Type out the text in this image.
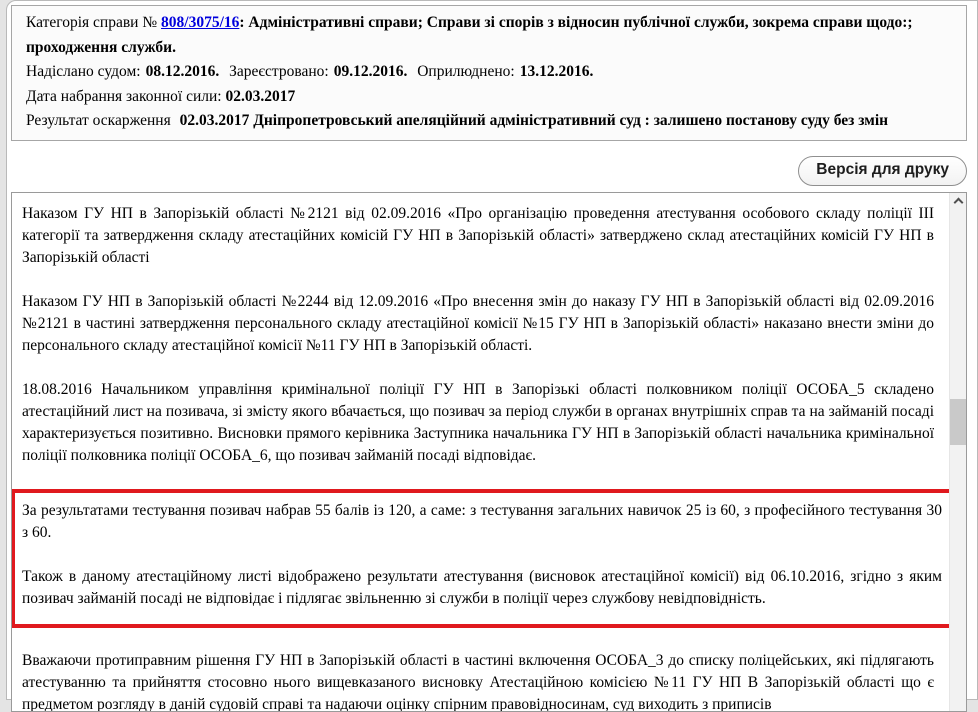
Категорія справи № 808/3075/16: Адміністративні справи; Справи зі спорів з відносин публічної служби, зокрема справи щодо:; проходження служби.
Надіслано судом: 08.12.2016. Зареєстровано: 09.12.2016. Оприлюднено: 13.12.2016.
Дата набрання законної сили: 02.03.2017
Результат оскарження 02.03.2017 Дніпропетровський апеляційний адміністративний суд : залишено постанову суду без змін
Версія для друку

Наказом ГУ НП в Запорізькій області №2121 від 02.09.2016 «Про організацію проведення атестування особового складу поліції ІІІ категорії та затвердження складу атестаційних комісій ГУ НП в Запорізькій області» затверджено склад атестаційних комісій ГУ НП в Запорізькій області

Наказом ГУ НП в Запорізькій області №2244 від 12.09.2016 «Про внесення змін до наказу ГУ НП в Запорізькій області від 02.09.2016 №2121 в частині затвердження персонального складу атестаційної комісії №15 ГУ НП в Запорізькій області» наказано внести зміни до персонального складу атестаційної комісії №11 ГУ НП в Запорізькій області.

18.08.2016 Начальником управління кримінальної поліції ГУ НП в Запорізькі області полковником поліції ОСОБА_5 складено атестаційний лист на позивача, зі змісту якого вбачається, що позивач за період служби в органах внутрішніх справ та на займаній посаді характеризується позитивно. Висновки прямого керівника Заступника начальника ГУ НП в Запорізькій області начальника кримінальної поліції полковника поліції ОСОБА_6, що позивач займаній посаді відповідає.

За результатами тестування позивач набрав 55 балів із 120, а саме: з тестування загальних навичок 25 із 60, з професійного тестування 30 з 60.

Також в даному атестаційному листі відображено результати атестування (висновок атестаційної комісії) від 06.10.2016, згідно з яким позивач займаній посаді не відповідає і підлягає звільненню зі служби в поліції через службову невідповідність.

Вважаючи протиправним рішення ГУ НП в Запорізькій області в частині включення ОСОБА_3 до списку поліцейських, які підлягають атестуванню та прийняття стосовно нього вищевказаного висновку Атестаційною комісією №11 ГУ НП В Запорізькій області що є предметом розгляду в даній судовій справі та надаючи оцінку спірним правовідносинам, суд виходить з приписів
